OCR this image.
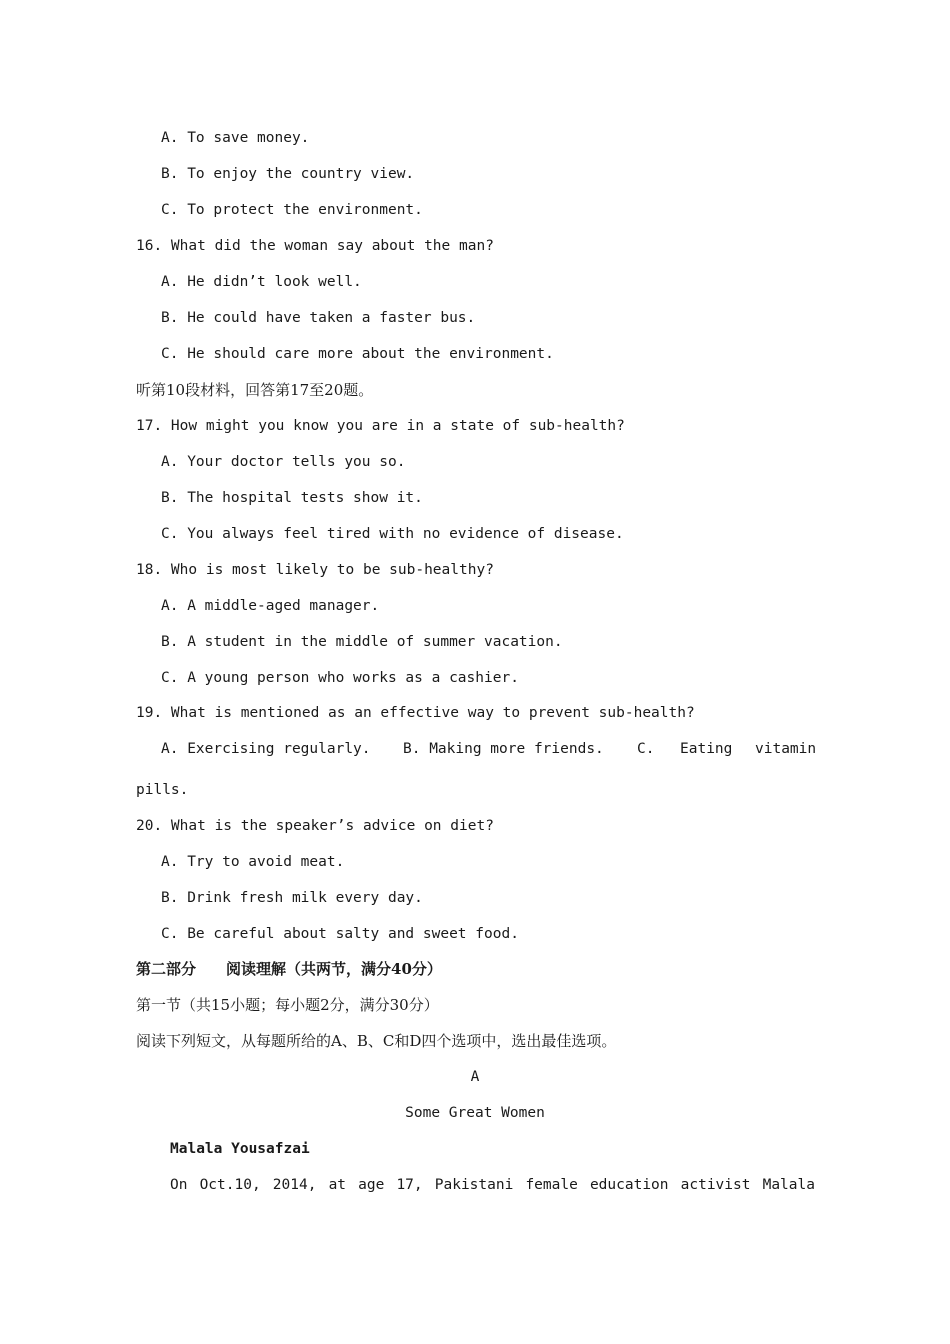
A. To save money.
B. To enjoy the country view.
C. To protect the environment.
16. What did the woman say about the man?
A. He didn’t look well.
B. He could have taken a faster bus.
C. He should care more about the environment.
听第10段材料，回答第17至20题。
17. How might you know you are in a state of sub-health?
A. Your doctor tells you so.
B. The hospital tests show it.
C. You always feel tired with no evidence of disease.
18. Who is most likely to be sub-healthy?
A. A middle-aged manager.
B. A student in the middle of summer vacation.
C. A young person who works as a cashier.
19. What is mentioned as an effective way to prevent sub-health?
A. Exercising regularly. B. Making more friends. C. Eating vitamin
pills.
20. What is the speaker’s advice on diet?
A. Try to avoid meat.
B. Drink fresh milk every day.
C. Be careful about salty and sweet food.
第二部分　　阅读理解（共两节，满分40分）
第一节（共15小题；每小题2分，满分30分）
阅读下列短文，从每题所给的A、B、C和D四个选项中，选出最佳选项。
A
Some Great Women
Malala Yousafzai
On Oct.10, 2014, at age 17, Pakistani female education activist Malala
